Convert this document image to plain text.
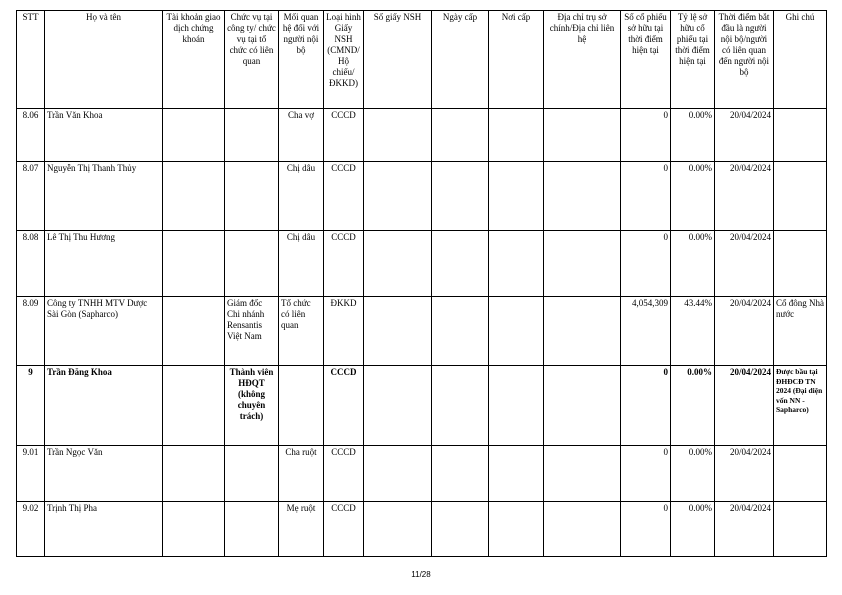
STT	Họ và tên	Tài khoản giao dịch chứng khoán	Chức vụ tại công ty/ chức vụ tại tổ chức có liên quan	Mối quan hệ đối với người nội bộ	Loại hình Giấy NSH (CMND/ Hộ chiếu/ ĐKKD)	Số giấy NSH	Ngày cấp	Nơi cấp	Địa chỉ trụ sở chính/Địa chỉ liên hệ	Số cổ phiếu sở hữu tại thời điểm hiện tại	Tỷ lệ sở hữu cổ phiếu tại thời điểm hiện tại	Thời điểm bắt đầu là người nội bộ/người có liên quan đến người nội bộ	Ghi chú
8.06	Trần Văn Khoa			Cha vợ	CCCD					0	0.00%	20/04/2024	
8.07	Nguyễn Thị Thanh Thủy			Chị dâu	CCCD					0	0.00%	20/04/2024	
8.08	Lê Thị Thu Hương			Chị dâu	CCCD					0	0.00%	20/04/2024	
8.09	Công ty TNHH MTV Dược Sài Gòn (Sapharco)		Giám đốc Chi nhánh Rensantis Việt Nam	Tổ chức có liên quan	ĐKKD					4,054,309	43.44%	20/04/2024	Cổ đông Nhà nước
9	Trần Đăng Khoa		Thành viên HĐQT (không chuyên trách)		CCCD					0	0.00%	20/04/2024	Được bầu tại ĐHĐCĐ TN 2024 (Đại diện vốn NN - Sapharco)
9.01	Trần Ngọc Văn			Cha ruột	CCCD					0	0.00%	20/04/2024	
9.02	Trịnh Thị Pha			Mẹ ruột	CCCD					0	0.00%	20/04/2024	
11/28
